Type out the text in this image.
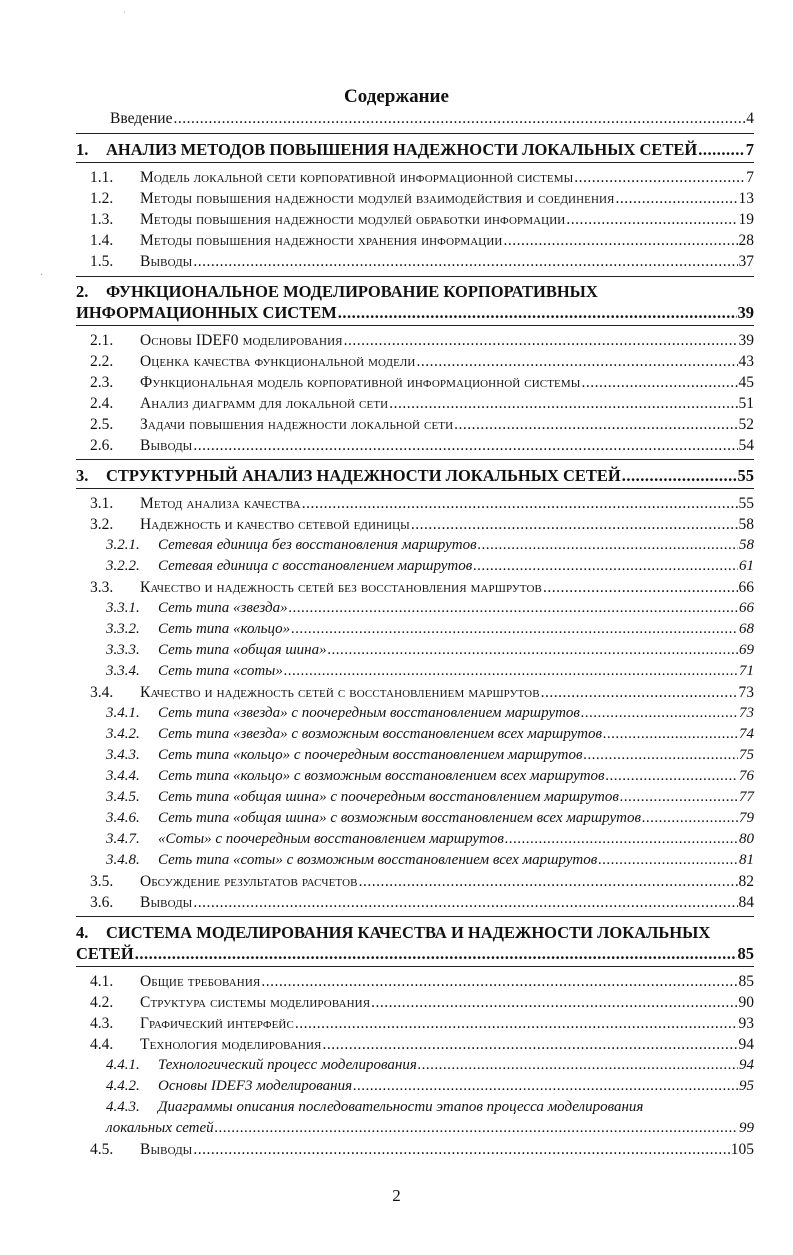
'
·
Содержание
Введение .....	4
1.	АНАЛИЗ МЕТОДОВ ПОВЫШЕНИЯ НАДЕЖНОСТИ ЛОКАЛЬНЫХ СЕТЕЙ .....	7
1.1.	Модель локальной сети корпоративной информационной системы .....	7
1.2.	Методы повышения надежности модулей взаимодействия и соединения .....	13
1.3.	Методы повышения надежности модулей обработки информации .....	19
1.4.	Методы повышения надежности хранения информации .....	28
1.5.	Выводы .....	37
2.	ФУНКЦИОНАЛЬНОЕ МОДЕЛИРОВАНИЕ КОРПОРАТИВНЫХ
ИНФОРМАЦИОННЫХ СИСТЕМ .....	39
2.1.	Основы IDEF0 моделирования .....	39
2.2.	Оценка качества функциональной модели .....	43
2.3.	Функциональная модель корпоративной информационной системы .....	45
2.4.	Анализ диаграмм для локальной сети .....	51
2.5.	Задачи повышения надежности локальной сети .....	52
2.6.	Выводы .....	54
3.	СТРУКТУРНЫЙ АНАЛИЗ НАДЕЖНОСТИ ЛОКАЛЬНЫХ СЕТЕЙ .....	55
3.1.	Метод анализа качества .....	55
3.2.	Надежность и качество сетевой единицы .....	58
3.2.1.	Сетевая единица без восстановления маршрутов .....	58
3.2.2.	Сетевая единица с восстановлением маршрутов .....	61
3.3.	Качество и надежность сетей без восстановления маршрутов .....	66
3.3.1.	Сеть типа «звезда» .....	66
3.3.2.	Сеть типа «кольцо» .....	68
3.3.3.	Сеть типа «общая шина» .....	69
3.3.4.	Сеть типа «соты» .....	71
3.4.	Качество и надежность сетей с восстановлением маршрутов .....	73
3.4.1.	Сеть типа «звезда» с поочередным восстановлением маршрутов .....	73
3.4.2.	Сеть типа «звезда» с возможным восстановлением всех маршрутов .....	74
3.4.3.	Сеть типа «кольцо» с поочередным восстановлением маршрутов .....	75
3.4.4.	Сеть типа «кольцо» с возможным восстановлением всех маршрутов .....	76
3.4.5.	Сеть типа «общая шина» с поочередным восстановлением маршрутов .....	77
3.4.6.	Сеть типа «общая шина» с возможным восстановлением всех маршрутов .....	79
3.4.7.	«Соты» с поочередным восстановлением маршрутов .....	80
3.4.8.	Сеть типа «соты» с возможным восстановлением всех маршрутов .....	81
3.5.	Обсуждение результатов расчетов .....	82
3.6.	Выводы .....	84
4.	СИСТЕМА МОДЕЛИРОВАНИЯ КАЧЕСТВА И НАДЕЖНОСТИ ЛОКАЛЬНЫХ
СЕТЕЙ .....	85
4.1.	Общие требования .....	85
4.2.	Структура системы моделирования .....	90
4.3.	Графический интерфейс .....	93
4.4.	Технология моделирования .....	94
4.4.1.	Технологический процесс моделирования .....	94
4.4.2.	Основы IDEF3 моделирования .....	95
4.4.3.	Диаграммы описания последовательности этапов процесса моделирования
локальных сетей .....	99
4.5.	Выводы .....	105
2
